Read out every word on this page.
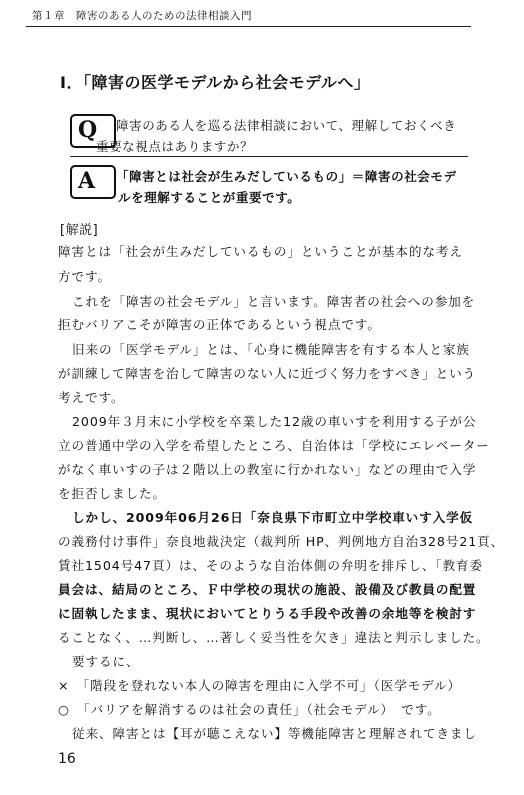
第１章　障害のある人のための法律相談入門
Ⅰ．「障害の医学モデルから社会モデルへ」
Q	障害のある人を巡る法律相談において、理解しておくべき
重要な視点はありますか？
A	「障害とは社会が生みだしているもの」＝障害の社会モデ
ルを理解することが重要です。
[解説]
障害とは「社会が生みだしているもの」ということが基本的な考え
方です。
これを「障害の社会モデル」と言います。障害者の社会への参加を
拒むバリアこそが障害の正体であるという視点です。
旧来の「医学モデル」とは、「心身に機能障害を有する本人と家族
が訓練して障害を治して障害のない人に近づく努力をすべき」という
考えです。
2009年３月末に小学校を卒業した12歳の車いすを利用する子が公
立の普通中学の入学を希望したところ、自治体は「学校にエレベーター
がなく車いすの子は２階以上の教室に行かれない」などの理由で入学
を拒否しました。
しかし、2009年06月26日「奈良県下市町立中学校車いす入学仮
の義務付け事件」奈良地裁決定（裁判所 HP、判例地方自治328号21頁、
賃社1504号47頁）は、そのような自治体側の弁明を排斥し、「教育委
員会は、結局のところ、Ｆ中学校の現状の施設、設備及び教員の配置
に固執したまま、現状においてとりうる手段や改善の余地等を検討す
ることなく、…判断し、…著しく妥当性を欠き」違法と判示しました。
要するに、
×　「階段を登れない本人の障害を理由に入学不可」（医学モデル）
○　「バリアを解消するのは社会の責任」（社会モデル）　です。
従来、障害とは【耳が聴こえない】等機能障害と理解されてきまし
16
